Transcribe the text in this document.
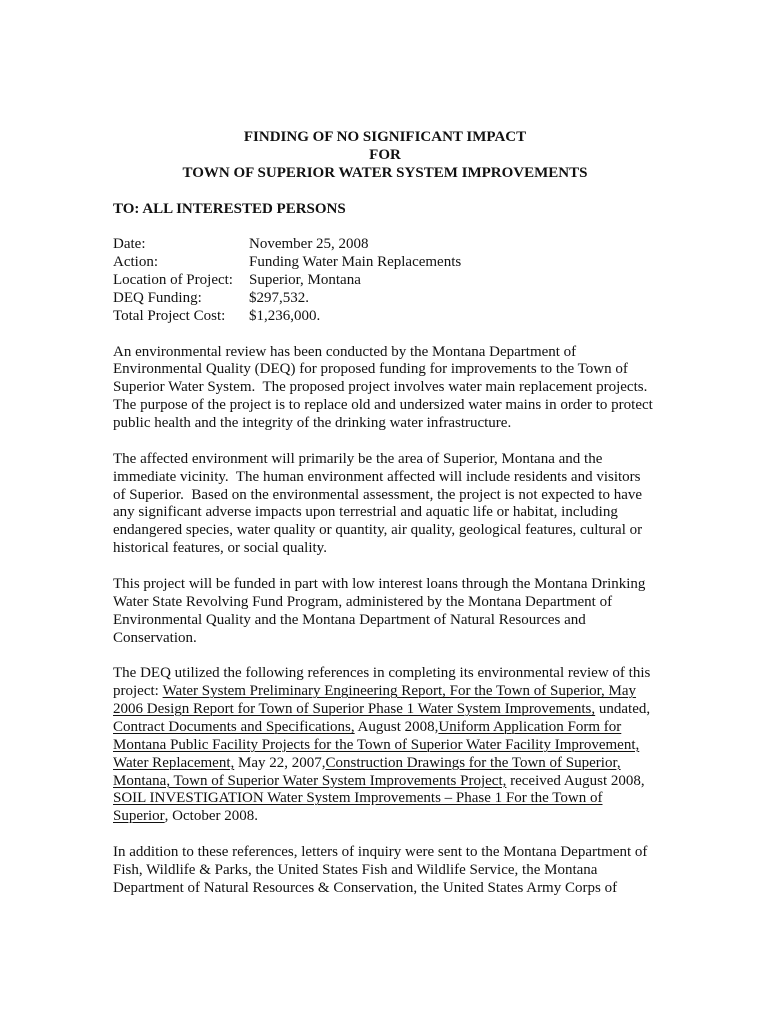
FINDING OF NO SIGNIFICANT IMPACT
FOR
TOWN OF SUPERIOR WATER SYSTEM IMPROVEMENTS
TO: ALL INTERESTED PERSONS
Date:	November 25, 2008
Action:	Funding Water Main Replacements
Location of Project:	Superior, Montana
DEQ Funding:	$297,532.
Total Project Cost:	$1,236,000.
An environmental review has been conducted by the Montana Department of
Environmental Quality (DEQ) for proposed funding for improvements to the Town of
Superior Water System.  The proposed project involves water main replacement projects.
The purpose of the project is to replace old and undersized water mains in order to protect
public health and the integrity of the drinking water infrastructure.
The affected environment will primarily be the area of Superior, Montana and the
immediate vicinity.  The human environment affected will include residents and visitors
of Superior.  Based on the environmental assessment, the project is not expected to have
any significant adverse impacts upon terrestrial and aquatic life or habitat, including
endangered species, water quality or quantity, air quality, geological features, cultural or
historical features, or social quality.
This project will be funded in part with low interest loans through the Montana Drinking
Water State Revolving Fund Program, administered by the Montana Department of
Environmental Quality and the Montana Department of Natural Resources and
Conservation.
The DEQ utilized the following references in completing its environmental review of this
project: Water System Preliminary Engineering Report, For the Town of Superior, May
2006 Design Report for Town of Superior Phase 1 Water System Improvements, undated,
Contract Documents and Specifications, August 2008, Uniform Application Form for
Montana Public Facility Projects for the Town of Superior Water Facility Improvement,
Water Replacement, May 22, 2007, Construction Drawings for the Town of Superior,
Montana, Town of Superior Water System Improvements Project, received August 2008,
SOIL INVESTIGATION Water System Improvements – Phase 1 For the Town of
Superior , October 2008.
In addition to these references, letters of inquiry were sent to the Montana Department of
Fish, Wildlife & Parks, the United States Fish and Wildlife Service, the Montana
Department of Natural Resources & Conservation, the United States Army Corps of
